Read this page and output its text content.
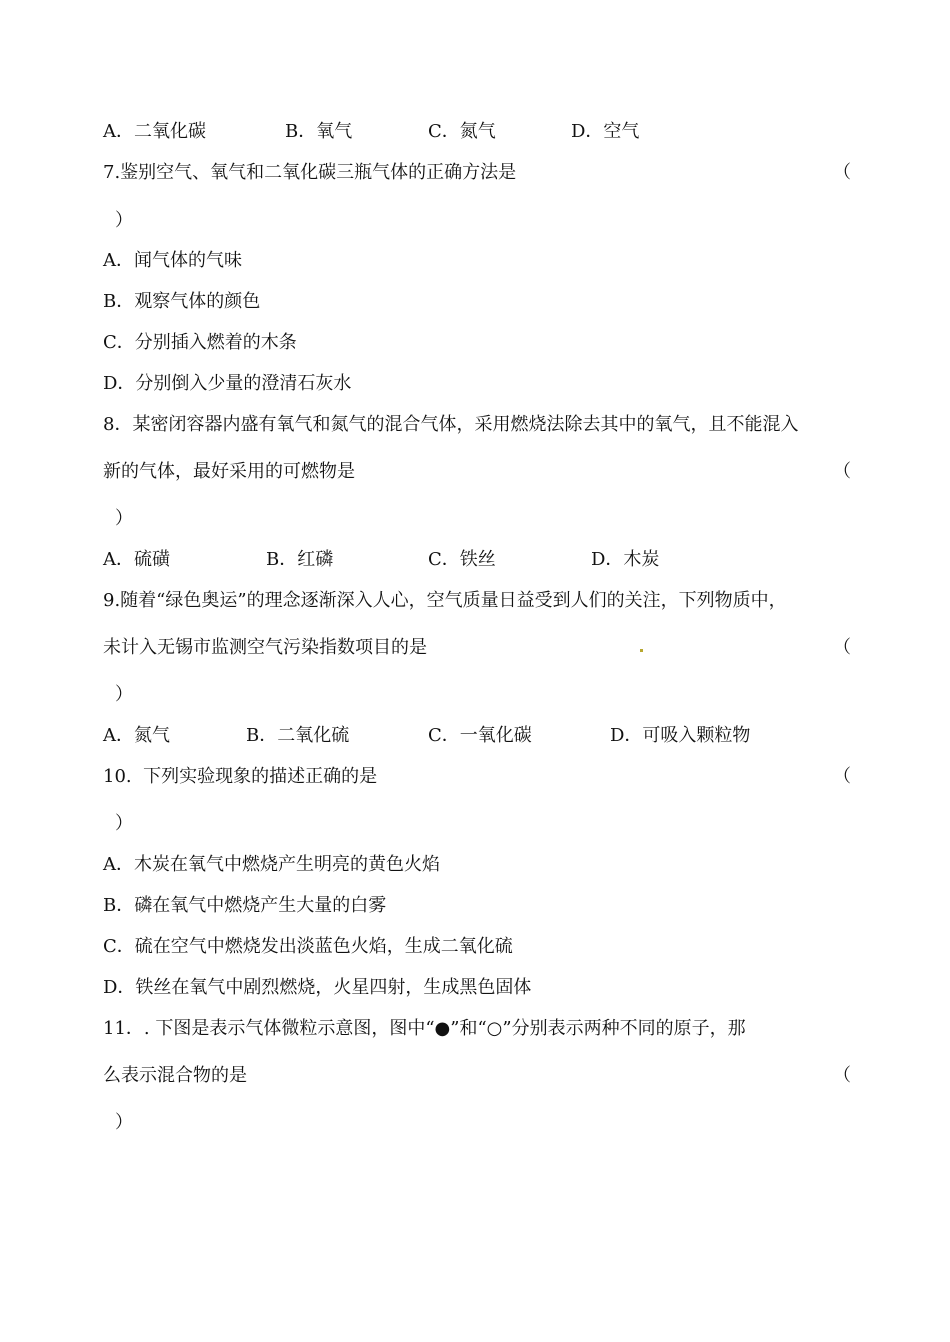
A．二氧化碳	B．氧气	C．氮气	D．空气
7.鉴别空气、氧气和二氧化碳三瓶气体的正确方法是	（
）
A．闻气体的气味
B．观察气体的颜色
C．分别插入燃着的木条
D．分别倒入少量的澄清石灰水
8．某密闭容器内盛有氧气和氮气的混合气体，采用燃烧法除去其中的氧气，且不能混入
新的气体，最好采用的可燃物是	（
）
A．硫磺	B．红磷	C．铁丝	D．木炭
9.随着“绿色奥运”的理念逐渐深入人心，空气质量日益受到人们的关注，下列物质中，
未计入无锡市监测空气污染指数项目的是	（
）
A．氮气	B．二氧化硫	C．一氧化碳	D．可吸入颗粒物
10.  下列实验现象的描述正确的是	（
）
A．木炭在氧气中燃烧产生明亮的黄色火焰
B．磷在氧气中燃烧产生大量的白雾
C．硫在空气中燃烧发出淡蓝色火焰，生成二氧化硫
D．铁丝在氧气中剧烈燃烧，火星四射，生成黑色固体
11．. 下图是表示气体微粒示意图，图中“●”和“○”分别表示两种不同的原子，那
么表示混合物的是	（
）
